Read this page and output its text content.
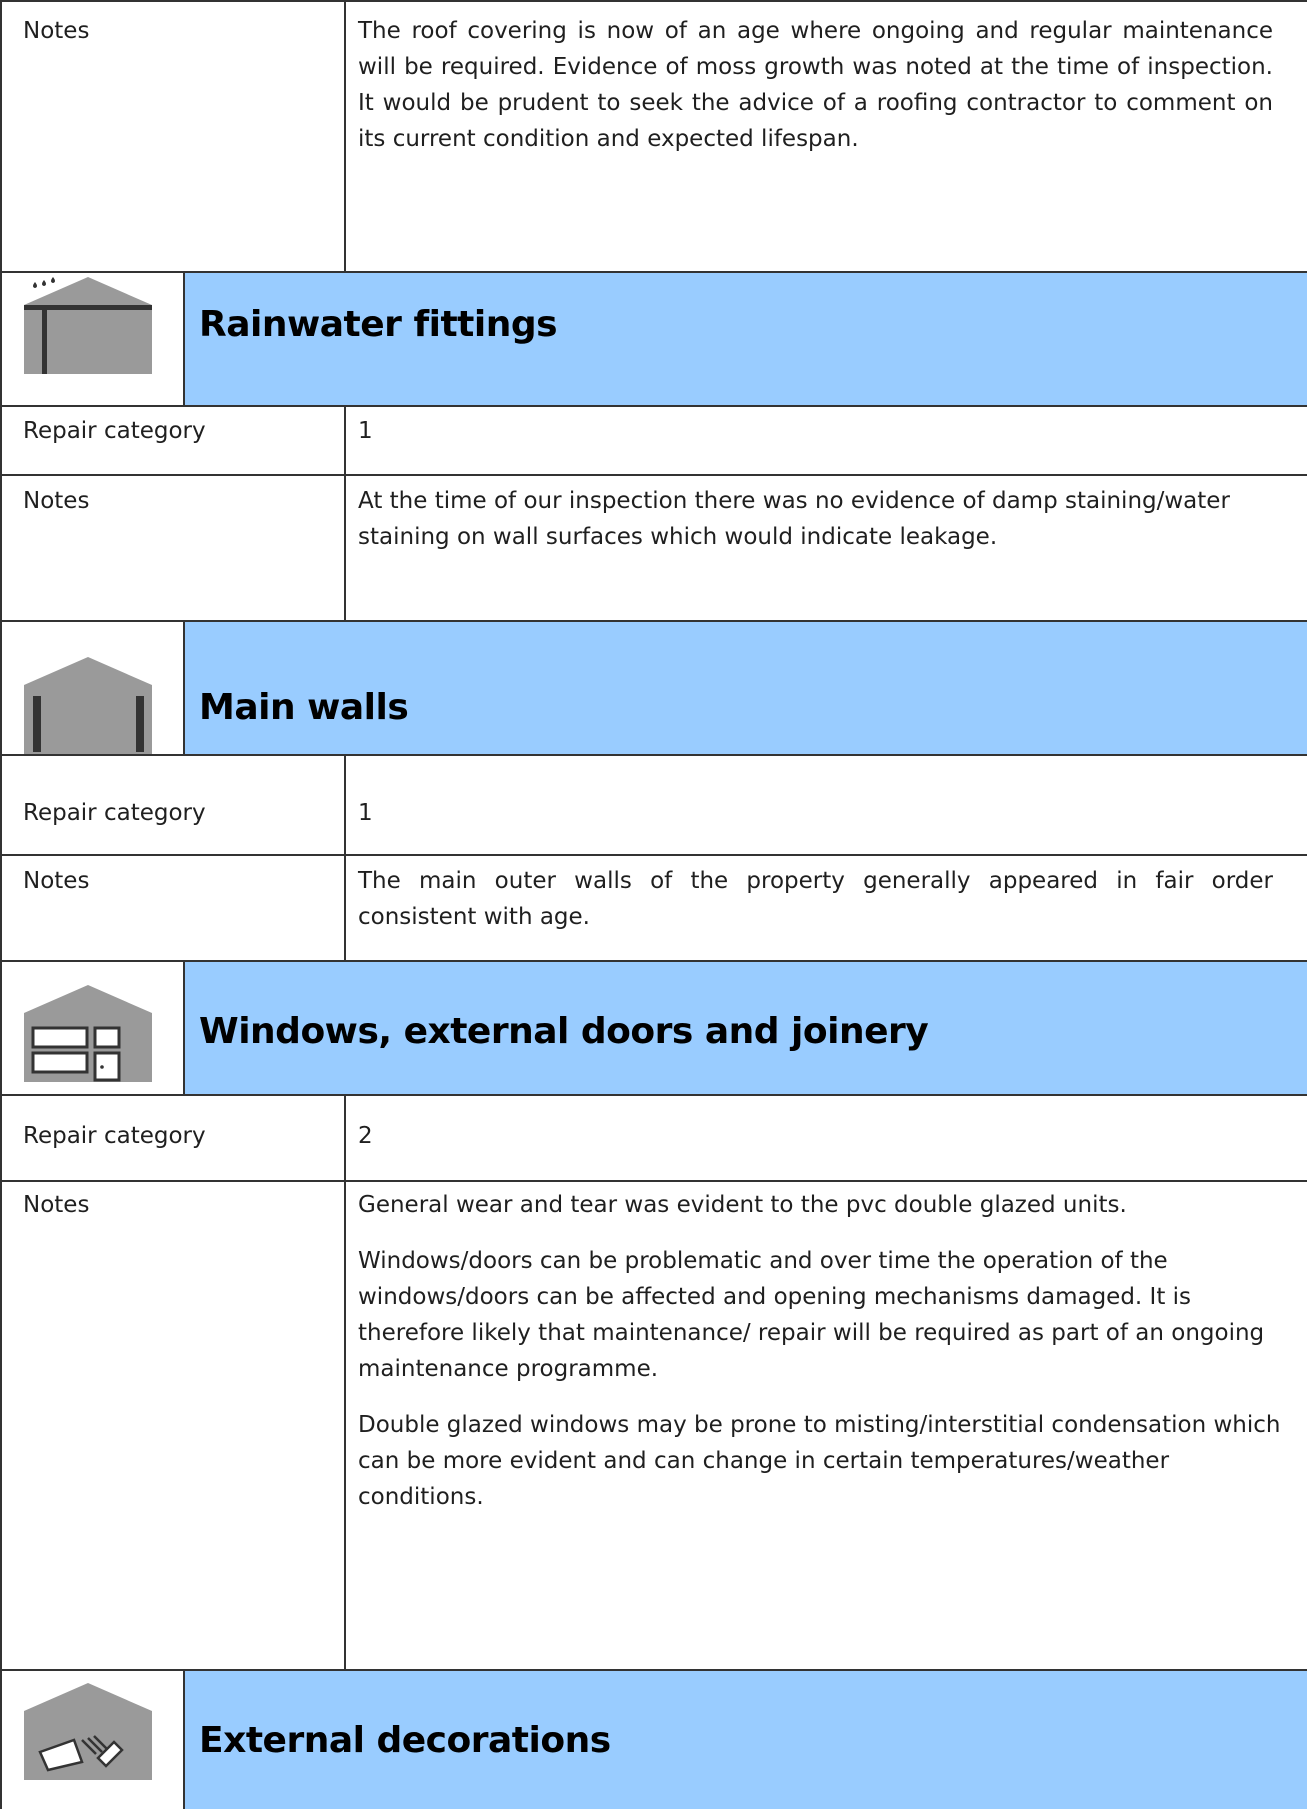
Notes	The roof covering is now of an age where ongoing and regular maintenance will be required. Evidence of moss growth was noted at the time of inspection. It would be prudent to seek the advice of a roofing contractor to comment on its current condition and expected lifespan.
Rainwater fittings
Repair category	1
Notes	At the time of our inspection there was no evidence of damp staining/water staining on wall surfaces which would indicate leakage.
Main walls
Repair category	1
Notes	The main outer walls of the property generally appeared in fair order consistent with age.
Windows, external doors and joinery
Repair category	2
Notes	General wear and tear was evident to the pvc double glazed units.

Windows/doors can be problematic and over time the operation of the windows/doors can be affected and opening mechanisms damaged. It is therefore likely that maintenance/ repair will be required as part of an ongoing maintenance programme.

Double glazed windows may be prone to misting/interstitial condensation which can be more evident and can change in certain temperatures/weather conditions.

External decorations
